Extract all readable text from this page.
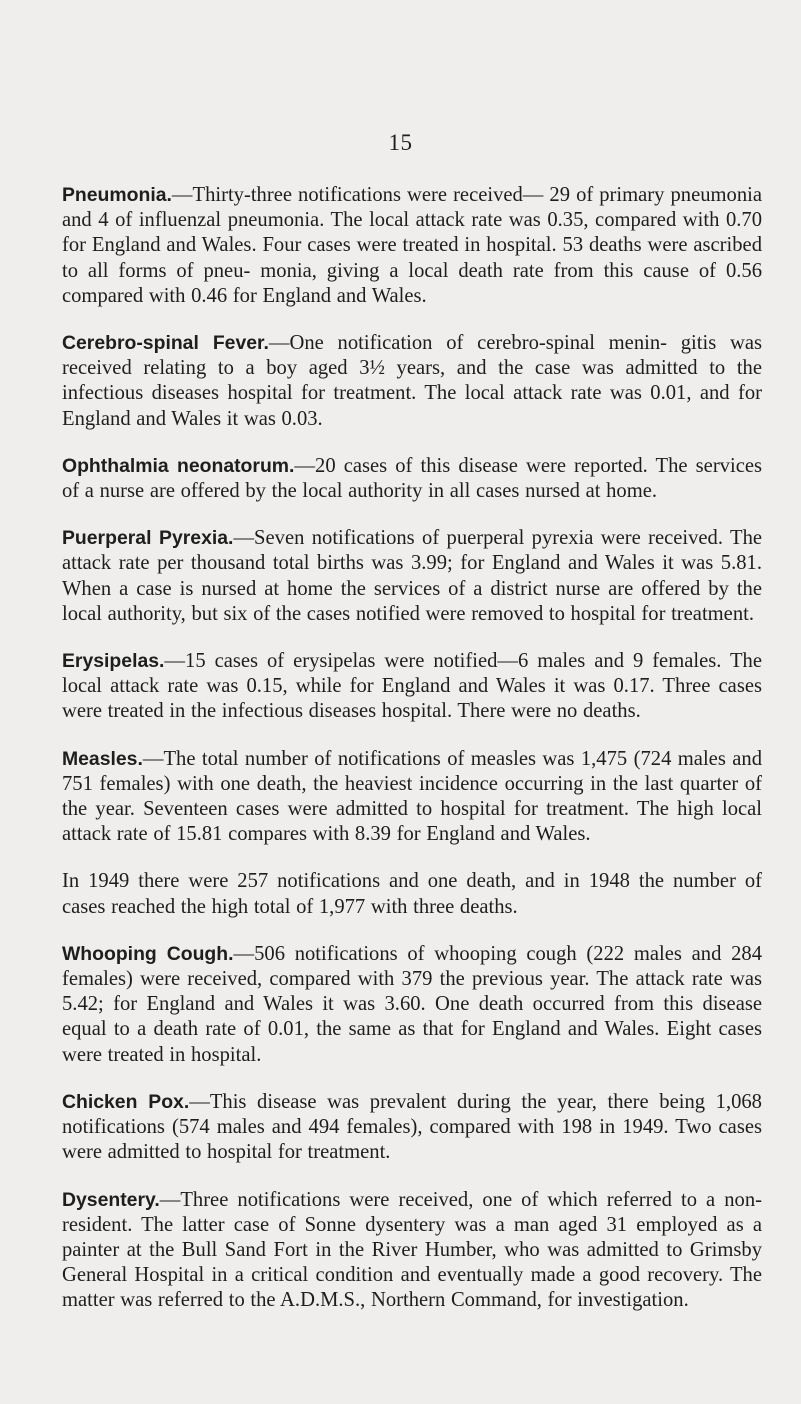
15

Pneumonia.—Thirty-three notifications were received— 29 of primary pneumonia and 4 of influenzal pneumonia. The local attack rate was 0.35, compared with 0.70 for England and Wales. Four cases were treated in hospital. 53 deaths were ascribed to all forms of pneu- monia, giving a local death rate from this cause of 0.56 compared with 0.46 for England and Wales.

Cerebro-spinal Fever.—One notification of cerebro-spinal menin- gitis was received relating to a boy aged 3½ years, and the case was admitted to the infectious diseases hospital for treatment. The local attack rate was 0.01, and for England and Wales it was 0.03.

Ophthalmia neonatorum.—20 cases of this disease were reported. The services of a nurse are offered by the local authority in all cases nursed at home.

Puerperal Pyrexia.—Seven notifications of puerperal pyrexia were received. The attack rate per thousand total births was 3.99; for England and Wales it was 5.81. When a case is nursed at home the services of a district nurse are offered by the local authority, but six of the cases notified were removed to hospital for treatment.

Erysipelas.—15 cases of erysipelas were notified—6 males and 9 females. The local attack rate was 0.15, while for England and Wales it was 0.17. Three cases were treated in the infectious diseases hospital. There were no deaths.

Measles.—The total number of notifications of measles was 1,475 (724 males and 751 females) with one death, the heaviest incidence occurring in the last quarter of the year. Seventeen cases were admitted to hospital for treatment. The high local attack rate of 15.81 compares with 8.39 for England and Wales.

In 1949 there were 257 notifications and one death, and in 1948 the number of cases reached the high total of 1,977 with three deaths.

Whooping Cough.—506 notifications of whooping cough (222 males and 284 females) were received, compared with 379 the previous year. The attack rate was 5.42; for England and Wales it was 3.60. One death occurred from this disease equal to a death rate of 0.01, the same as that for England and Wales. Eight cases were treated in hospital.

Chicken Pox.—This disease was prevalent during the year, there being 1,068 notifications (574 males and 494 females), compared with 198 in 1949. Two cases were admitted to hospital for treatment.

Dysentery.—Three notifications were received, one of which referred to a non-resident. The latter case of Sonne dysentery was a man aged 31 employed as a painter at the Bull Sand Fort in the River Humber, who was admitted to Grimsby General Hospital in a critical condition and eventually made a good recovery. The matter was referred to the A.D.M.S., Northern Command, for investigation.
